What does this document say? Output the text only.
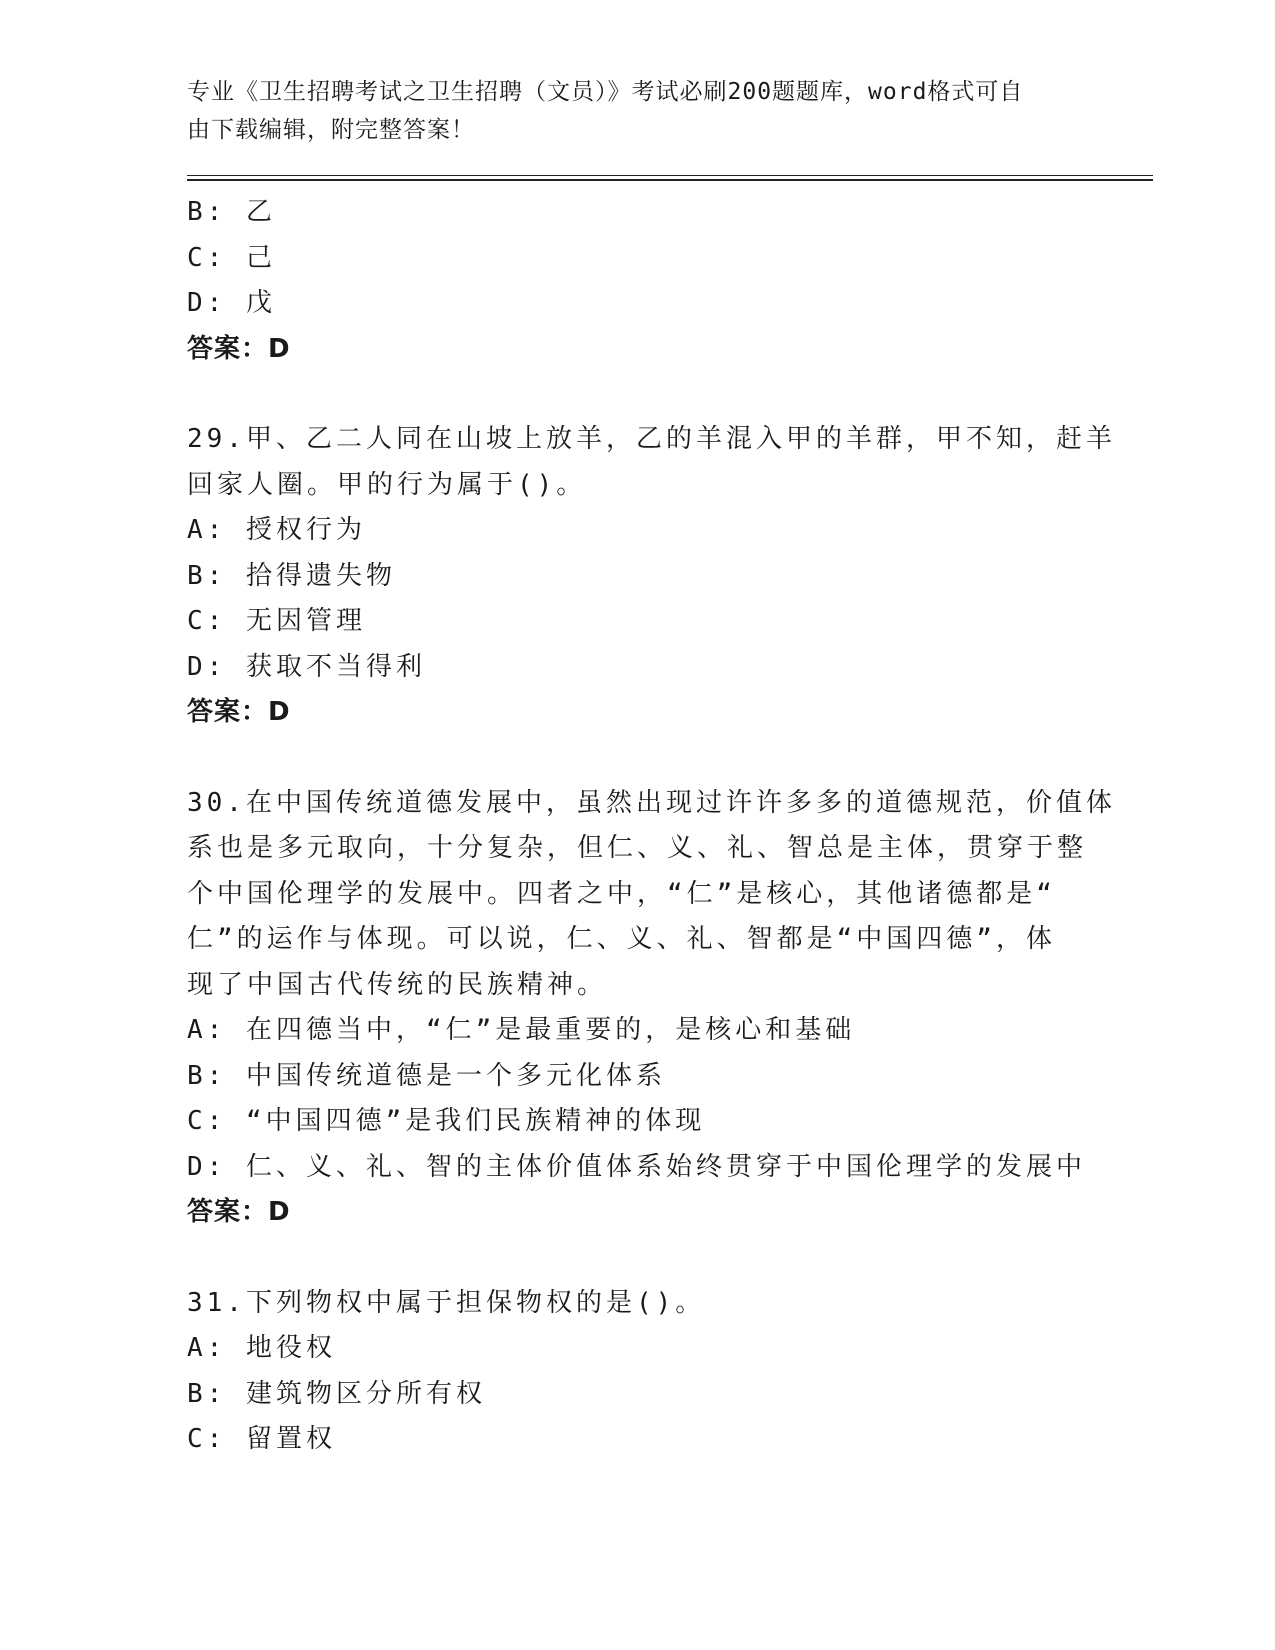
专业《卫生招聘考试之卫生招聘（文员）》考试必刷200题题库，word格式可自
由下载编辑，附完整答案！
B: 乙
C: 己
D: 戊
答案：D
29.甲、乙二人同在山坡上放羊，乙的羊混入甲的羊群，甲不知，赶羊
回家人圈。甲的行为属于()。
A: 授权行为
B: 拾得遗失物
C: 无因管理
D: 获取不当得利
答案：D
30.在中国传统道德发展中，虽然出现过许许多多的道德规范，价值体
系也是多元取向，十分复杂，但仁、义、礼、智总是主体，贯穿于整
个中国伦理学的发展中。四者之中，“仁”是核心，其他诸德都是“
仁”的运作与体现。可以说，仁、义、礼、智都是“中国四德”，体
现了中国古代传统的民族精神。
A: 在四德当中，“仁”是最重要的，是核心和基础
B: 中国传统道德是一个多元化体系
C: “中国四德”是我们民族精神的体现
D: 仁、义、礼、智的主体价值体系始终贯穿于中国伦理学的发展中
答案：D
31.下列物权中属于担保物权的是()。
A: 地役权
B: 建筑物区分所有权
C: 留置权
